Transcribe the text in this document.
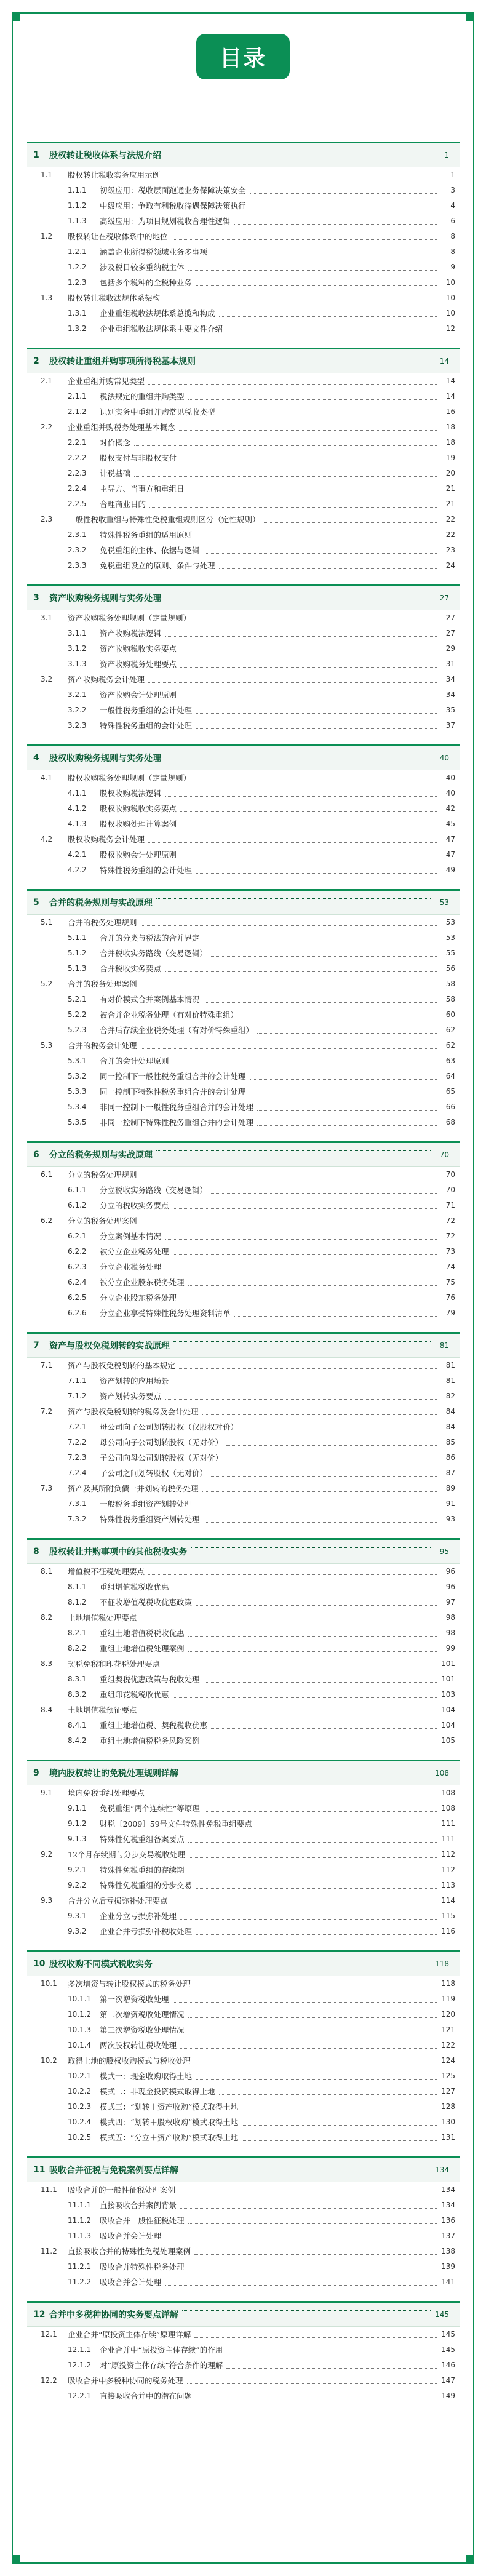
目录
1	股权转让税收体系与法规介绍	1
1.1	股权转让税收实务应用示例	1
1.1.1	初级应用：税收层面跑通业务保障决策安全	3
1.1.2	中级应用：争取有利税收待遇保障决策执行	4
1.1.3	高级应用：为项目规划税收合理性逻辑	6
1.2	股权转让在税收体系中的地位	8
1.2.1	涵盖企业所得税领域业务多事项	8
1.2.2	涉及税目较多重纳税主体	9
1.2.3	包括多个税种的全税种业务	10
1.3	股权转让税收法规体系架构	10
1.3.1	企业重组税收法规体系总揽和构成	10
1.3.2	企业重组税收法规体系主要文件介绍	12
2	股权转让重组并购事项所得税基本规则	14
2.1	企业重组并购常见类型	14
2.1.1	税法规定的重组并购类型	14
2.1.2	识别实务中重组并购常见税收类型	16
2.2	企业重组并购税务处理基本概念	18
2.2.1	对价概念	18
2.2.2	股权支付与非股权支付	19
2.2.3	计税基础	20
2.2.4	主导方、当事方和重组日	21
2.2.5	合理商业目的	21
2.3	一般性税收重组与特殊性免税重组规则区分（定性规则）	22
2.3.1	特殊性税务重组的适用原则	22
2.3.2	免税重组的主体、依据与逻辑	23
2.3.3	免税重组设立的原则、条件与处理	24
3	资产收购税务规则与实务处理	27
3.1	资产收购税务处理规则（定量规则）	27
3.1.1	资产收购税法逻辑	27
3.1.2	资产收购税收实务要点	29
3.1.3	资产收购税务处理要点	31
3.2	资产收购税务会计处理	34
3.2.1	资产收购会计处理原则	34
3.2.2	一般性税务重组的会计处理	35
3.2.3	特殊性税务重组的会计处理	37
4	股权收购税务规则与实务处理	40
4.1	股权收购税务处理规则（定量规则）	40
4.1.1	股权收购税法逻辑	40
4.1.2	股权收购税收实务要点	42
4.1.3	股权收购处理计算案例	45
4.2	股权收购税务会计处理	47
4.2.1	股权收购会计处理原则	47
4.2.2	特殊性税务重组的会计处理	49
5	合并的税务规则与实战原理	53
5.1	合并的税务处理规则	53
5.1.1	合并的分类与税法的合并界定	53
5.1.2	合并税收实务路线（交易逻辑）	55
5.1.3	合并税收实务要点	56
5.2	合并的税务处理案例	58
5.2.1	有对价模式合并案例基本情况	58
5.2.2	被合并企业税务处理（有对价特殊重组）	60
5.2.3	合并后存续企业税务处理（有对价特殊重组）	62
5.3	合并的税务会计处理	62
5.3.1	合并的会计处理原则	63
5.3.2	同一控制下一般性税务重组合并的会计处理	64
5.3.3	同一控制下特殊性税务重组合并的会计处理	65
5.3.4	非同一控制下一般性税务重组合并的会计处理	66
5.3.5	非同一控制下特殊性税务重组合并的会计处理	68
6	分立的税务规则与实战原理	70
6.1	分立的税务处理规则	70
6.1.1	分立税收实务路线（交易逻辑）	70
6.1.2	分立的税收实务要点	71
6.2	分立的税务处理案例	72
6.2.1	分立案例基本情况	72
6.2.2	被分立企业税务处理	73
6.2.3	分立企业税务处理	74
6.2.4	被分立企业股东税务处理	75
6.2.5	分立企业股东税务处理	76
6.2.6	分立企业享受特殊性税务处理资料清单	79
7	资产与股权免税划转的实战原理	81
7.1	资产与股权免税划转的基本规定	81
7.1.1	资产划转的应用场景	81
7.1.2	资产划转实务要点	82
7.2	资产与股权免税划转的税务及会计处理	84
7.2.1	母公司向子公司划转股权（仅股权对价）	84
7.2.2	母公司向子公司划转股权（无对价）	85
7.2.3	子公司向母公司划转股权（无对价）	86
7.2.4	子公司之间划转股权（无对价）	87
7.3	资产及其所附负债一并划转的税务处理	89
7.3.1	一般税务重组资产划转处理	91
7.3.2	特殊性税务重组资产划转处理	93
8	股权转让并购事项中的其他税收实务	95
8.1	增值税不征税处理要点	96
8.1.1	重组增值税税收优惠	96
8.1.2	不征收增值税税收优惠政策	97
8.2	土地增值税处理要点	98
8.2.1	重组土地增值税税收优惠	98
8.2.2	重组土地增值税处理案例	99
8.3	契税免税和印花税处理要点	101
8.3.1	重组契税优惠政策与税收处理	101
8.3.2	重组印花税税收优惠	103
8.4	土地增值税预征要点	104
8.4.1	重组土地增值税、契税税收优惠	104
8.4.2	重组土地增值税税务风险案例	105
9	境内股权转让的免税处理规则详解	108
9.1	境内免税重组处理要点	108
9.1.1	免税重组“两个连续性”等原理	108
9.1.2	财税〔2009〕59号文件特殊性免税重组要点	111
9.1.3	特殊性免税重组备案要点	111
9.2	12个月存续期与分步交易税收处理	112
9.2.1	特殊性免税重组的存续期	112
9.2.2	特殊性免税重组的分步交易	113
9.3	合并分立后亏损弥补处理要点	114
9.3.1	企业分立亏损弥补处理	115
9.3.2	企业合并亏损弥补税收处理	116
10 股权收购不同模式税收实务	118
10.1	多次增资与转让股权模式的税务处理	118
10.1.1	第一次增资税收处理	119
10.1.2	第二次增资税收处理情况	120
10.1.3	第三次增资税收处理情况	121
10.1.4	两次股权转让税收处理	122
10.2	取得土地的股权收购模式与税收处理	124
10.2.1	模式一：现金收购取得土地	125
10.2.2	模式二：非现金投资模式取得土地	127
10.2.3	模式三：“划转＋资产收购”模式取得土地	128
10.2.4	模式四：“划转＋股权收购”模式取得土地	130
10.2.5	模式五：“分立＋资产收购”模式取得土地	131
11 吸收合并征税与免税案例要点详解	134
11.1	吸收合并的一般性征税处理案例	134
11.1.1	直接吸收合并案例背景	134
11.1.2	吸收合并一般性征税处理	136
11.1.3	吸收合并会计处理	137
11.2	直接吸收合并的特殊性免税处理案例	138
11.2.1	吸收合并特殊性税务处理	139
11.2.2	吸收合并会计处理	141
12 合并中多税种协同的实务要点详解	145
12.1	企业合并“原投资主体存续”原理详解	145
12.1.1	企业合并中“原投资主体存续”的作用	145
12.1.2	对“原投资主体存续”符合条件的理解	146
12.2	吸收合并中多税种协同的税务处理	147
12.2.1	直接吸收合并中的潜在问题	149
